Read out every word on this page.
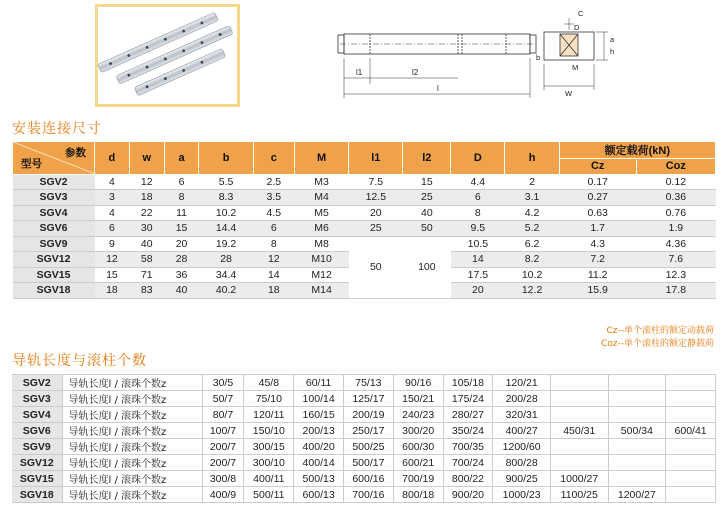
l1	l2
l
C
D
a
h
b
M
W
安装连接尺寸
参数
型号	d	w	a	b	c	M	l1	l2	D	h	额定载荷(kN)	
											Cz	Coz
SGV2	4	12	6	5.5	2.5	M3	7.5	15	4.4	2	0.17	0.12
SGV3	3	18	8	8.3	3.5	M4	12.5	25	6	3.1	0.27	0.36
SGV4	4	22	11	10.2	4.5	M5	20	40	8	4.2	0.63	0.76
SGV6	6	30	15	14.4	6	M6	25	50	9.5	5.2	1.7	1.9
SGV9	9	40	20	19.2	8	M8	50	100	10.5	6.2	4.3	4.36
SGV12	12	58	28	28	12	M10			14	8.2	7.2	7.6
SGV15	15	71	36	34.4	14	M12			17.5	10.2	11.2	12.3
SGV18	18	83	40	40.2	18	M14			20	12.2	15.9	17.8
Cz--单个滚柱的额定动载荷
Coz--单个滚柱的额定静载荷
导轨长度与滚柱个数
SGV2	导轨长度l / 滚珠个数z	30/5	45/8	60/11	75/13	90/16	105/18	120/21			
SGV3	导轨长度l / 滚珠个数z	50/7	75/10	100/14	125/17	150/21	175/24	200/28			
SGV4	导轨长度l / 滚珠个数z	80/7	120/11	160/15	200/19	240/23	280/27	320/31			
SGV6	导轨长度l / 滚珠个数z	100/7	150/10	200/13	250/17	300/20	350/24	400/27	450/31	500/34	600/41
SGV9	导轨长度l / 滚珠个数z	200/7	300/15	400/20	500/25	600/30	700/35	1200/60			
SGV12	导轨长度l / 滚珠个数z	200/7	300/10	400/14	500/17	600/21	700/24	800/28			
SGV15	导轨长度l / 滚珠个数z	300/8	400/11	500/13	600/16	700/19	800/22	900/25	1000/27		
SGV18	导轨长度l / 滚珠个数z	400/9	500/11	600/13	700/16	800/18	900/20	1000/23	1100/25	1200/27	
